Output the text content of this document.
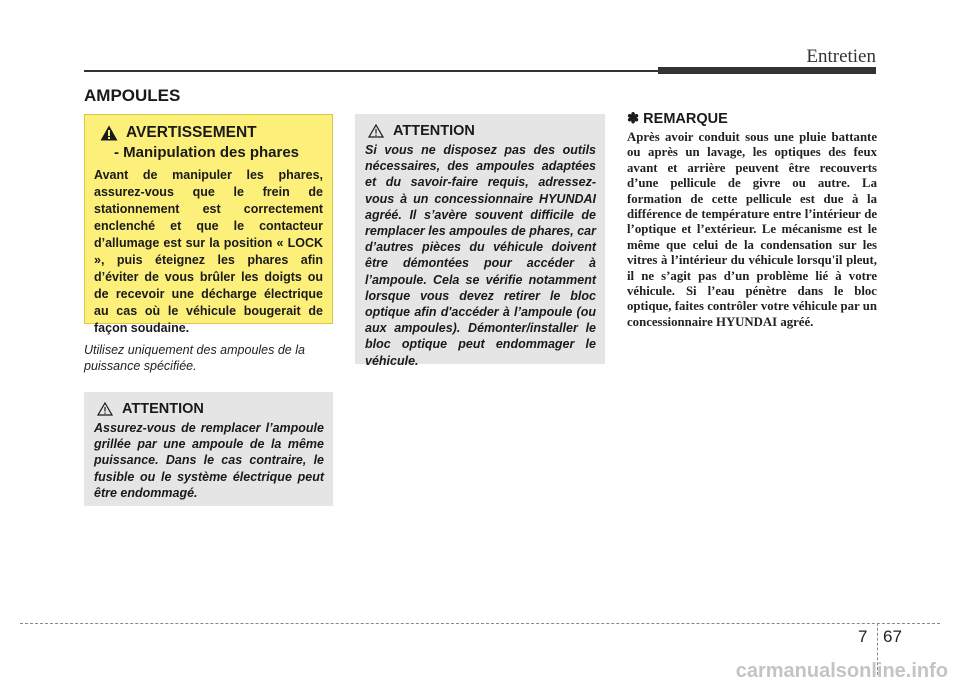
Entretien
AMPOULES
AVERTISSEMENT
- Manipulation des phares
Avant de manipuler les phares, assurez-vous que le frein de stationnement est correctement enclenché et que le contacteur d’allumage est sur la position « LOCK », puis éteignez les phares afin d’éviter de vous brûler les doigts ou de recevoir une décharge électrique au cas où le véhicule bougerait de façon soudaine.
Utilisez uniquement des ampoules de la puissance spécifiée.
ATTENTION
Assurez-vous de remplacer l’ampoule grillée par une ampoule de la même puissance. Dans le cas contraire, le fusible ou le système électrique peut être endommagé.
ATTENTION
Si vous ne disposez pas des outils nécessaires, des ampoules adaptées et du savoir-faire requis, adressez-vous à un concessionnaire HYUNDAI agréé. Il s’avère souvent difficile de remplacer les ampoules de phares, car d’autres pièces du véhicule doivent être démontées pour accéder à l’ampoule. Cela se vérifie notamment lorsque vous devez retirer le bloc optique afin d'accéder à l’ampoule (ou aux ampoules). Démonter/installer le bloc optique peut endommager le véhicule.
✽ REMARQUE
Après avoir conduit sous une pluie battante ou après un lavage, les optiques des feux avant et arrière peuvent être recouverts d’une pellicule de givre ou autre. La formation de cette pellicule est due à la différence de température entre l’intérieur de l’optique et l’extérieur. Le mécanisme est le même que celui de la condensation sur les vitres à l’intérieur du véhicule lorsqu'il pleut, il ne s’agit pas d’un problème lié à votre véhicule. Si l’eau pénètre dans le bloc optique, faites contrôler votre véhicule par un concessionnaire HYUNDAI agréé.
7 67
carmanualsonline.info
